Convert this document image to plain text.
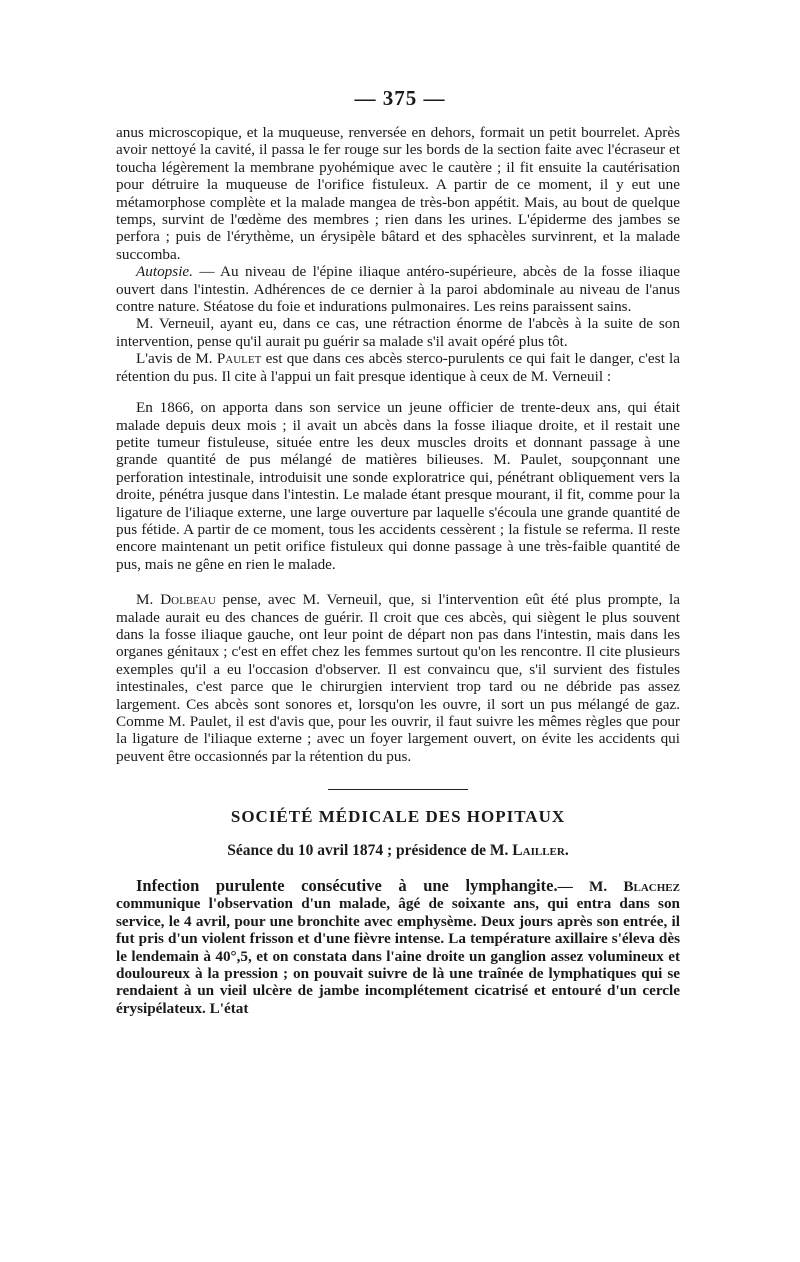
— 375 —

anus microscopique, et la muqueuse, renversée en dehors, formait un petit bourrelet. Après avoir nettoyé la cavité, il passa le fer rouge sur les bords de la section faite avec l'écraseur et toucha légèrement la membrane pyohémique avec le cautère ; il fit ensuite la cautérisation pour détruire la muqueuse de l'orifice fistuleux. A partir de ce moment, il y eut une métamorphose complète et la malade mangea de très-bon appétit. Mais, au bout de quelque temps, survint de l'œdème des membres ; rien dans les urines. L'épiderme des jambes se perfora ; puis de l'érythème, un érysipèle bâtard et des sphacèles survinrent, et la malade succomba.

Autopsie. — Au niveau de l'épine iliaque antéro-supérieure, abcès de la fosse iliaque ouvert dans l'intestin. Adhérences de ce dernier à la paroi abdominale au niveau de l'anus contre nature. Stéatose du foie et indurations pulmonaires. Les reins paraissent sains.

M. Verneuil, ayant eu, dans ce cas, une rétraction énorme de l'abcès à la suite de son intervention, pense qu'il aurait pu guérir sa malade s'il avait opéré plus tôt.

L'avis de M. Paulet est que dans ces abcès sterco-purulents ce qui fait le danger, c'est la rétention du pus. Il cite à l'appui un fait presque identique à ceux de M. Verneuil :

En 1866, on apporta dans son service un jeune officier de trente-deux ans, qui était malade depuis deux mois ; il avait un abcès dans la fosse iliaque droite, et il restait une petite tumeur fistuleuse, située entre les deux muscles droits et donnant passage à une grande quantité de pus mélangé de matières bilieuses. M. Paulet, soupçonnant une perforation intestinale, introduisit une sonde exploratrice qui, pénétrant obliquement vers la droite, pénétra jusque dans l'intestin. Le malade étant presque mourant, il fit, comme pour la ligature de l'iliaque externe, une large ouverture par laquelle s'écoula une grande quantité de pus fétide. A partir de ce moment, tous les accidents cessèrent ; la fistule se referma. Il reste encore maintenant un petit orifice fistuleux qui donne passage à une très-faible quantité de pus, mais ne gêne en rien le malade.

M. Dolbeau pense, avec M. Verneuil, que, si l'intervention eût été plus prompte, la malade aurait eu des chances de guérir. Il croit que ces abcès, qui siègent le plus souvent dans la fosse iliaque gauche, ont leur point de départ non pas dans l'intestin, mais dans les organes génitaux ; c'est en effet chez les femmes surtout qu'on les rencontre. Il cite plusieurs exemples qu'il a eu l'occasion d'observer. Il est convaincu que, s'il survient des fistules intestinales, c'est parce que le chirurgien intervient trop tard ou ne débride pas assez largement. Ces abcès sont sonores et, lorsqu'on les ouvre, il sort un pus mélangé de gaz. Comme M. Paulet, il est d'avis que, pour les ouvrir, il faut suivre les mêmes règles que pour la ligature de l'iliaque externe ; avec un foyer largement ouvert, on évite les accidents qui peuvent être occasionnés par la rétention du pus.

SOCIÉTÉ MÉDICALE DES HOPITAUX

Séance du 10 avril 1874 ; présidence de M. Lailler.

Infection purulente consécutive à une lymphangite.— M. Blachez communique l'observation d'un malade, âgé de soixante ans, qui entra dans son service, le 4 avril, pour une bronchite avec emphysème. Deux jours après son entrée, il fut pris d'un violent frisson et d'une fièvre intense. La température axillaire s'éleva dès le lendemain à 40°,5, et on constata dans l'aine droite un ganglion assez volumineux et douloureux à la pression ; on pouvait suivre de là une traînée de lymphatiques qui se rendaient à un vieil ulcère de jambe incomplétement cicatrisé et entouré d'un cercle érysipélateux. L'état
